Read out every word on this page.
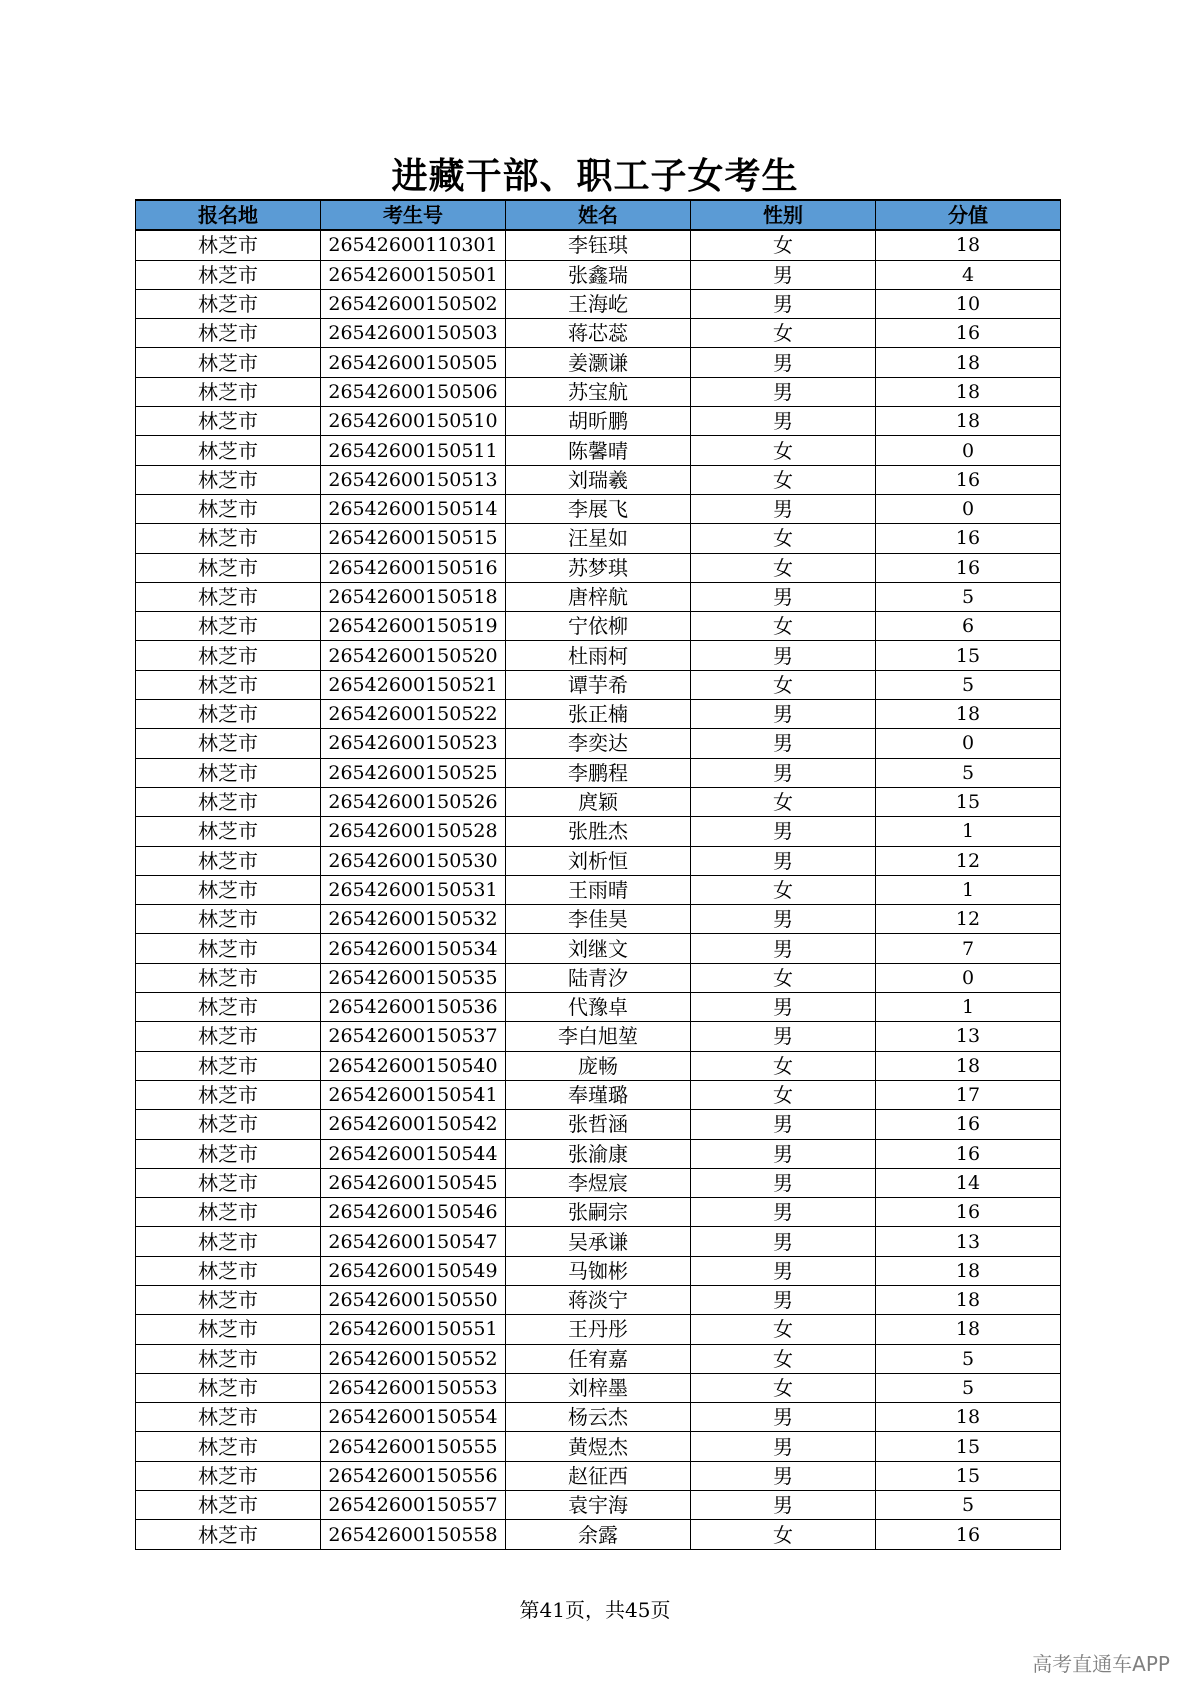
进藏干部、职工子女考生
报名地	考生号	姓名	性别	分值
林芝市	26542600110301	李钰琪	女	18
林芝市	26542600150501	张鑫瑞	男	4
林芝市	26542600150502	王海屹	男	10
林芝市	26542600150503	蒋芯蕊	女	16
林芝市	26542600150505	姜灏谦	男	18
林芝市	26542600150506	苏宝航	男	18
林芝市	26542600150510	胡昕鹏	男	18
林芝市	26542600150511	陈馨晴	女	0
林芝市	26542600150513	刘瑞羲	女	16
林芝市	26542600150514	李展飞	男	0
林芝市	26542600150515	汪星如	女	16
林芝市	26542600150516	苏梦琪	女	16
林芝市	26542600150518	唐梓航	男	5
林芝市	26542600150519	宁依柳	女	6
林芝市	26542600150520	杜雨柯	男	15
林芝市	26542600150521	谭芋希	女	5
林芝市	26542600150522	张正楠	男	18
林芝市	26542600150523	李奕达	男	0
林芝市	26542600150525	李鹏程	男	5
林芝市	26542600150526	庹颖	女	15
林芝市	26542600150528	张胜杰	男	1
林芝市	26542600150530	刘析恒	男	12
林芝市	26542600150531	王雨晴	女	1
林芝市	26542600150532	李佳昊	男	12
林芝市	26542600150534	刘继文	男	7
林芝市	26542600150535	陆青汐	女	0
林芝市	26542600150536	代豫卓	男	1
林芝市	26542600150537	李白旭堃	男	13
林芝市	26542600150540	庞畅	女	18
林芝市	26542600150541	奉瑾璐	女	17
林芝市	26542600150542	张哲涵	男	16
林芝市	26542600150544	张渝康	男	16
林芝市	26542600150545	李煜宸	男	14
林芝市	26542600150546	张嗣宗	男	16
林芝市	26542600150547	吴承谦	男	13
林芝市	26542600150549	马铷彬	男	18
林芝市	26542600150550	蒋淡宁	男	18
林芝市	26542600150551	王丹彤	女	18
林芝市	26542600150552	任宥嘉	女	5
林芝市	26542600150553	刘梓墨	女	5
林芝市	26542600150554	杨云杰	男	18
林芝市	26542600150555	黄煜杰	男	15
林芝市	26542600150556	赵征西	男	15
林芝市	26542600150557	袁宇海	男	5
林芝市	26542600150558	余露	女	16
第41页，共45页
高考直通车APP
